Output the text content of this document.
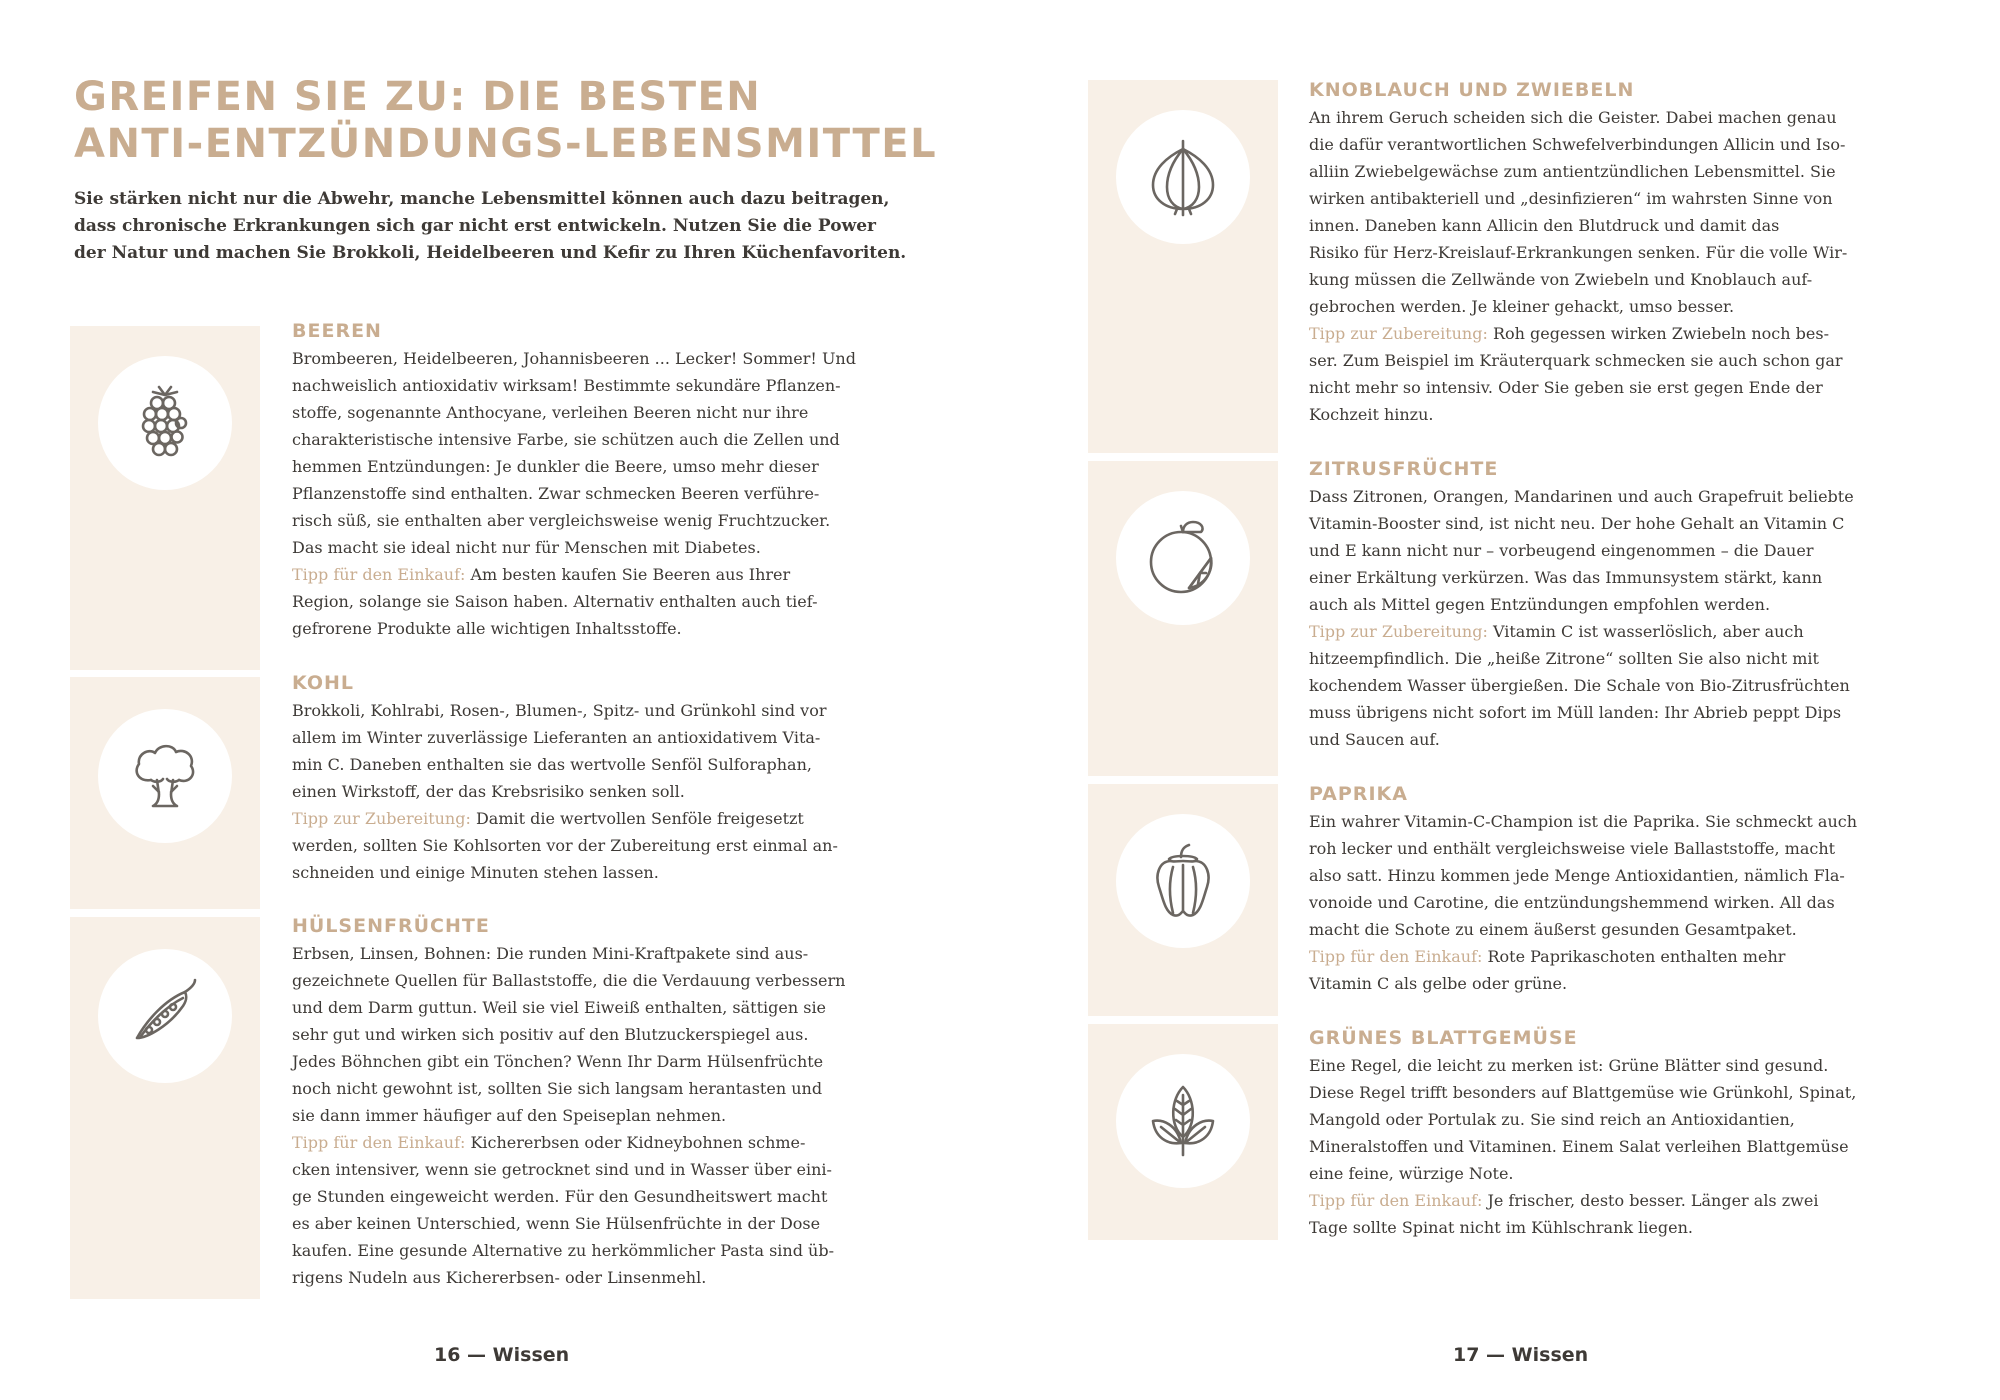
GREIFEN SIE ZU: DIE BESTEN
ANTI-ENTZÜNDUNGS-LEBENSMITTEL

Sie stärken nicht nur die Abwehr, manche Lebensmittel können auch dazu beitragen,
dass chronische Erkrankungen sich gar nicht erst entwickeln. Nutzen Sie die Power
der Natur und machen Sie Brokkoli, Heidelbeeren und Kefir zu Ihren Küchenfavoriten.

BEEREN

Brombeeren, Heidelbeeren, Johannisbeeren ... Lecker! Sommer! Und
nachweislich antioxidativ wirksam! Bestimmte sekundäre Pflanzen-
stoffe, sogenannte Anthocyane, verleihen Beeren nicht nur ihre
charakteristische intensive Farbe, sie schützen auch die Zellen und
hemmen Entzündungen: Je dunkler die Beere, umso mehr dieser
Pflanzenstoffe sind enthalten. Zwar schmecken Beeren verführe-
risch süß, sie enthalten aber vergleichsweise wenig Fruchtzucker.
Das macht sie ideal nicht nur für Menschen mit Diabetes.
Tipp für den Einkauf: Am besten kaufen Sie Beeren aus Ihrer
Region, solange sie Saison haben. Alternativ enthalten auch tief-
gefrorene Produkte alle wichtigen Inhaltsstoffe.

KOHL

Brokkoli, Kohlrabi, Rosen-, Blumen-, Spitz- und Grünkohl sind vor
allem im Winter zuverlässige Lieferanten an antioxidativem Vita-
min C. Daneben enthalten sie das wertvolle Senföl Sulforaphan,
einen Wirkstoff, der das Krebsrisiko senken soll.
Tipp zur Zubereitung: Damit die wertvollen Senföle freigesetzt
werden, sollten Sie Kohlsorten vor der Zubereitung erst einmal an-
schneiden und einige Minuten stehen lassen.

HÜLSENFRÜCHTE

Erbsen, Linsen, Bohnen: Die runden Mini-Kraftpakete sind aus-
gezeichnete Quellen für Ballaststoffe, die die Verdauung verbessern
und dem Darm guttun. Weil sie viel Eiweiß enthalten, sättigen sie
sehr gut und wirken sich positiv auf den Blutzuckerspiegel aus.
Jedes Böhnchen gibt ein Tönchen? Wenn Ihr Darm Hülsenfrüchte
noch nicht gewohnt ist, sollten Sie sich langsam herantasten und
sie dann immer häufiger auf den Speiseplan nehmen.
Tipp für den Einkauf: Kichererbsen oder Kidneybohnen schme-
cken intensiver, wenn sie getrocknet sind und in Wasser über eini-
ge Stunden eingeweicht werden. Für den Gesundheitswert macht
es aber keinen Unterschied, wenn Sie Hülsenfrüchte in der Dose
kaufen. Eine gesunde Alternative zu herkömmlicher Pasta sind üb-
rigens Nudeln aus Kichererbsen- oder Linsenmehl.

16 — Wissen
KNOBLAUCH UND ZWIEBELN

An ihrem Geruch scheiden sich die Geister. Dabei machen genau
die dafür verantwortlichen Schwefelverbindungen Allicin und Iso-
alliin Zwiebelgewächse zum antientzündlichen Lebensmittel. Sie
wirken antibakteriell und „desinfizieren“ im wahrsten Sinne von
innen. Daneben kann Allicin den Blutdruck und damit das
Risiko für Herz-Kreislauf-Erkrankungen senken. Für die volle Wir-
kung müssen die Zellwände von Zwiebeln und Knoblauch auf-
gebrochen werden. Je kleiner gehackt, umso besser.
Tipp zur Zubereitung: Roh gegessen wirken Zwiebeln noch bes-
ser. Zum Beispiel im Kräuterquark schmecken sie auch schon gar
nicht mehr so intensiv. Oder Sie geben sie erst gegen Ende der
Kochzeit hinzu.

ZITRUSFRÜCHTE

Dass Zitronen, Orangen, Mandarinen und auch Grapefruit beliebte
Vitamin-Booster sind, ist nicht neu. Der hohe Gehalt an Vitamin C
und E kann nicht nur – vorbeugend eingenommen – die Dauer
einer Erkältung verkürzen. Was das Immunsystem stärkt, kann
auch als Mittel gegen Entzündungen empfohlen werden.
Tipp zur Zubereitung: Vitamin C ist wasserlöslich, aber auch
hitzeempfindlich. Die „heiße Zitrone“ sollten Sie also nicht mit
kochendem Wasser übergießen. Die Schale von Bio-Zitrusfrüchten
muss übrigens nicht sofort im Müll landen: Ihr Abrieb peppt Dips
und Saucen auf.

PAPRIKA

Ein wahrer Vitamin-C-Champion ist die Paprika. Sie schmeckt auch
roh lecker und enthält vergleichsweise viele Ballaststoffe, macht
also satt. Hinzu kommen jede Menge Antioxidantien, nämlich Fla-
vonoide und Carotine, die entzündungshemmend wirken. All das
macht die Schote zu einem äußerst gesunden Gesamtpaket.
Tipp für den Einkauf: Rote Paprikaschoten enthalten mehr
Vitamin C als gelbe oder grüne.

GRÜNES BLATTGEMÜSE

Eine Regel, die leicht zu merken ist: Grüne Blätter sind gesund.
Diese Regel trifft besonders auf Blattgemüse wie Grünkohl, Spinat,
Mangold oder Portulak zu. Sie sind reich an Antioxidantien,
Mineralstoffen und Vitaminen. Einem Salat verleihen Blattgemüse
eine feine, würzige Note.
Tipp für den Einkauf: Je frischer, desto besser. Länger als zwei
Tage sollte Spinat nicht im Kühlschrank liegen.

17 — Wissen
